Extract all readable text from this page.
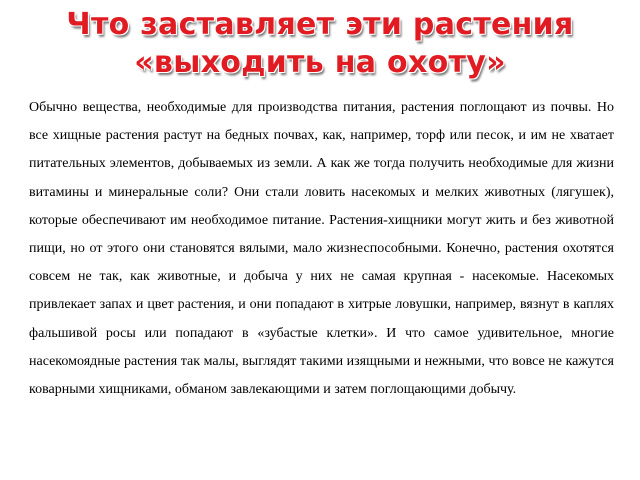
Что заставляет эти растения
«выходить на охоту»

Обычно вещества, необходимые для производства питания, растения поглощают из почвы. Но все хищные растения растут на бедных почвах, как, например, торф или песок, и им не хватает питательных элементов, добываемых из земли. А как же тогда получить необходимые для жизни витамины и минеральные соли? Они стали ловить насекомых и мелких животных (лягушек), которые обеспечивают им необходимое питание. Растения-хищники могут жить и без животной пищи, но от этого они становятся вялыми, мало жизнеспособными. Конечно, растения охотятся совсем не так, как животные, и добыча у них не самая крупная - насекомые. Насекомых привлекает запах и цвет растения, и они попадают в хитрые ловушки, например, вязнут в каплях фальшивой росы или попадают в «зубастые клетки». И что самое удивительное, многие насекомоядные растения так малы, выглядят такими изящными и нежными, что вовсе не кажутся коварными хищниками, обманом завлекающими и затем поглощающими добычу.
